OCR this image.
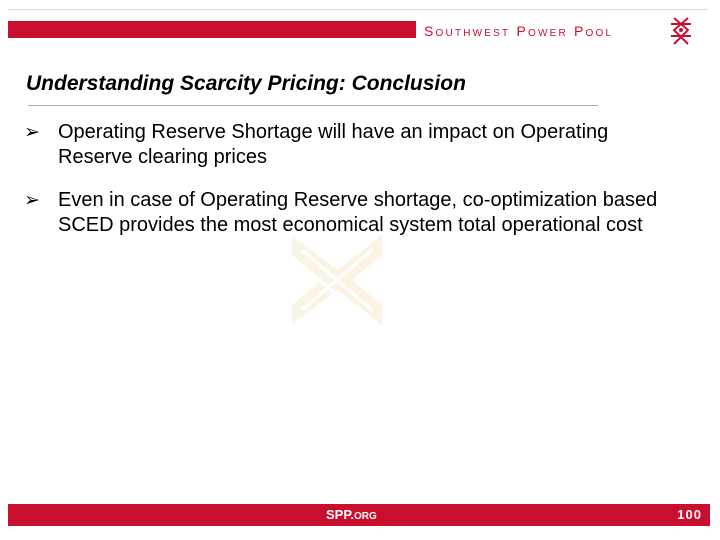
Southwest Power Pool
Understanding Scarcity Pricing: Conclusion
➢ Operating Reserve Shortage will have an impact on Operating Reserve clearing prices
➢ Even in case of Operating Reserve shortage, co-optimization based SCED provides the most economical system total operational cost
SPP.ORG	100
